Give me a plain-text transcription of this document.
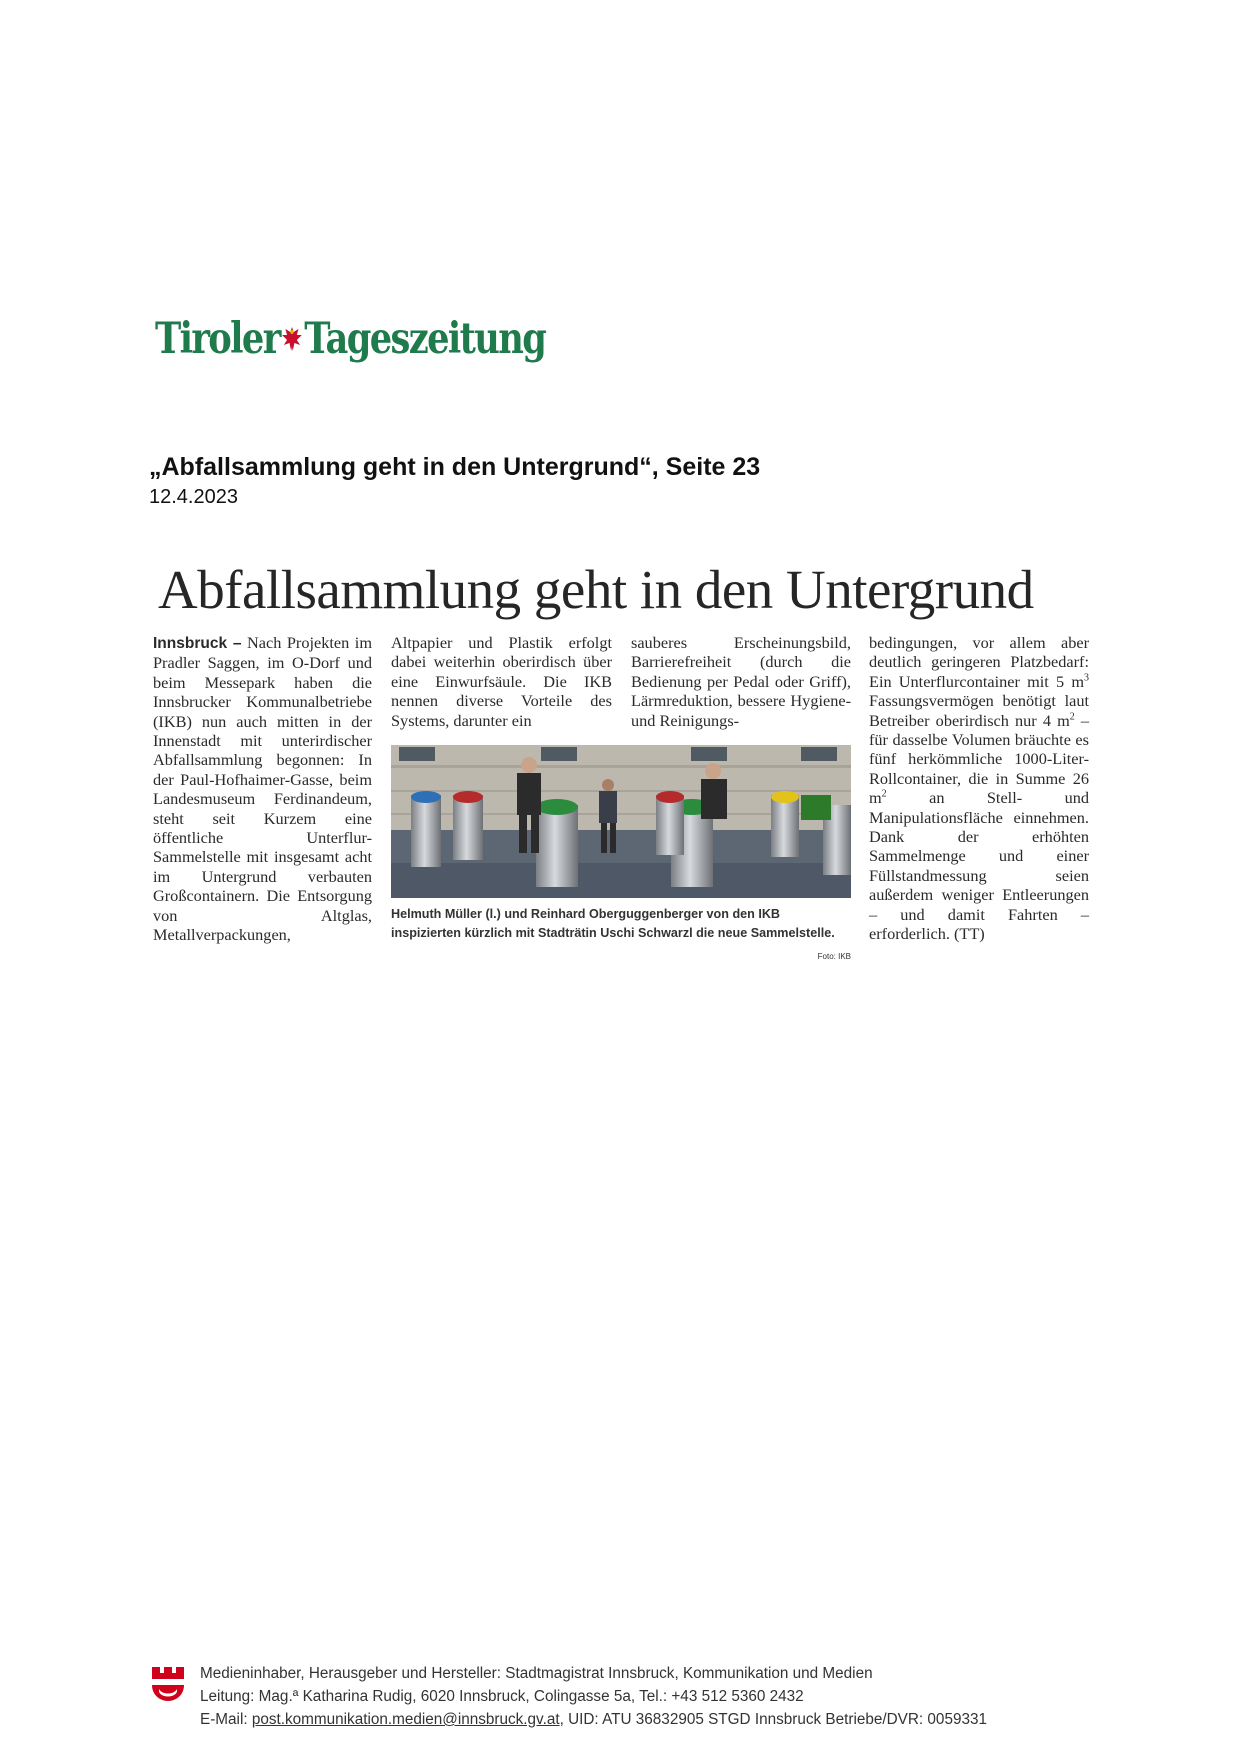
Tiroler Tageszeitung
„Abfallsammlung geht in den Untergrund“, Seite 23
12.4.2023
Abfallsammlung geht in den Untergrund
Innsbruck – Nach Projekten im Pradler Saggen, im O-Dorf und beim Messepark haben die Innsbrucker Kommunalbetriebe (IKB) nun auch mitten in der Innenstadt mit unterirdischer Abfallsammlung begonnen: In der Paul-Hofhaimer-Gasse, beim Landesmuseum Ferdinandeum, steht seit Kurzem eine öffentliche Unterflur-Sammelstelle mit insgesamt acht im Untergrund verbauten Großcontainern. Die Entsorgung von Altglas, Metallverpackungen,
Altpapier und Plastik erfolgt dabei weiterhin oberirdisch über eine Einwurfsäule. Die IKB nennen diverse Vorteile des Systems, darunter ein
sauberes Erscheinungsbild, Barrierefreiheit (durch die Bedienung per Pedal oder Griff), Lärmreduktion, bessere Hygiene- und Reinigungs-
bedingungen, vor allem aber deutlich geringeren Platzbedarf: Ein Unterflurcontainer mit 5 $m^3$ Fassungsvermögen benötigt laut Betreiber oberirdisch nur 4 $m^2$ – für dasselbe Volumen bräuchte es fünf herkömmliche 1000-Liter-Rollcontainer, die in Summe 26 $m^2$ an Stell- und Manipulationsfläche einnehmen. Dank der erhöhten Sammelmenge und einer Füllstandmessung seien außerdem weniger Entleerungen – und damit Fahrten – erforderlich. (TT)
Helmuth Müller (l.) und Reinhard Oberguggenberger von den IKB inspizierten kürzlich mit Stadträtin Uschi Schwarzl die neue Sammelstelle.
Foto: IKB
Medieninhaber, Herausgeber und Hersteller: Stadtmagistrat Innsbruck, Kommunikation und Medien
Leitung: Mag.ª Katharina Rudig, 6020 Innsbruck, Colingasse 5a, Tel.: +43 512 5360 2432
E-Mail: post.kommunikation.medien@innsbruck.gv.at, UID: ATU 36832905 STGD Innsbruck Betriebe/DVR: 0059331
